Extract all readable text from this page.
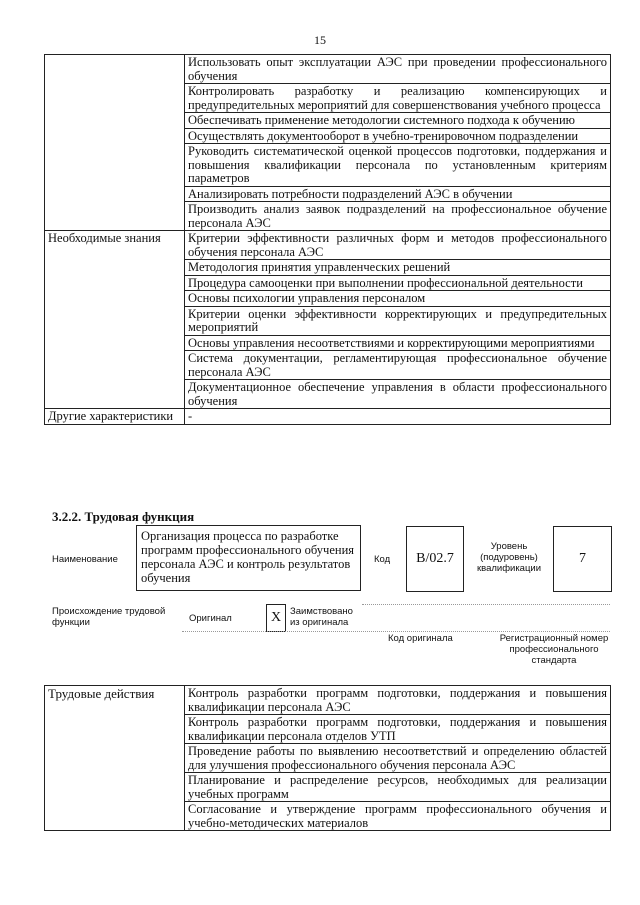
15
	Использовать опыт эксплуатации АЭС при проведении профессионального обучения
	Контролировать разработку и реализацию компенсирующих и предупредительных мероприятий для совершенствования учебного процесса
	Обеспечивать применение методологии системного подхода к обучению
	Осуществлять документооборот в учебно-тренировочном подразделении
	Руководить систематической оценкой процессов подготовки, поддержания и повышения квалификации персонала по установленным критериям параметров
	Анализировать потребности подразделений АЭС в обучении
	Производить анализ заявок подразделений на профессиональное обучение персонала АЭС
Необходимые знания	Критерии эффективности различных форм и методов профессионального обучения персонала АЭС
	Методология принятия управленческих решений
	Процедура самооценки при выполнении профессиональной деятельности
	Основы психологии управления персоналом
	Критерии оценки эффективности корректирующих и предупредительных мероприятий
	Основы управления несоответствиями и корректирующими мероприятиями
	Система документации, регламентирующая профессиональное обучение персонала АЭС
	Документационное обеспечение управления в области профессионального обучения
Другие характеристики	-
3.2.2. Трудовая функция
Наименование
Организация процесса по разработке программ профессионального обучения персонала АЭС и контроль результатов обучения
Код	B/02.7
Уровень (подуровень) квалификации
7
Происхождение трудовой функции	Оригинал	X Заимствовано из оригинала
Код оригинала	Регистрационный номер профессионального стандарта
Трудовые действия	Контроль разработки программ подготовки, поддержания и повышения квалификации персонала АЭС
Контроль разработки программ подготовки, поддержания и повышения квалификации персонала отделов УТП
Проведение работы по выявлению несоответствий и определению областей для улучшения профессионального обучения персонала АЭС
Планирование и распределение ресурсов, необходимых для реализации учебных программ
Согласование и утверждение программ профессионального обучения и учебно-методических материалов
